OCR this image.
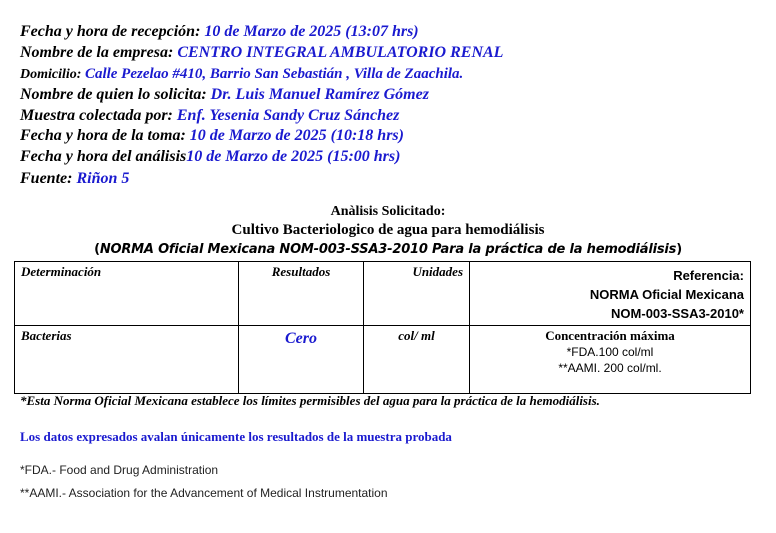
Fecha y hora de recepción: 10 de Marzo de 2025 (13:07 hrs)
Nombre de la empresa: CENTRO INTEGRAL AMBULATORIO RENAL
Domicilio: Calle Pezelao #410, Barrio San Sebastián , Villa de Zaachila.
Nombre de quien lo solicita: Dr. Luis Manuel Ramírez Gómez
Muestra colectada por: Enf. Yesenia Sandy Cruz Sánchez
Fecha y hora de la toma: 10 de Marzo de 2025 (10:18 hrs)
Fecha y hora del análisis10 de Marzo de 2025 (15:00 hrs)
Fuente: Riñon 5
Anàlisis Solicitado:
Cultivo Bacteriologico de agua para hemodiálisis
(NORMA Oficial Mexicana NOM-003-SSA3-2010 Para la práctica de la hemodiálisis)
Determinación	Resultados	Unidades	Referencia:
NORMA Oficial Mexicana
NOM-003-SSA3-2010*

Bacterias	Cero	col/ ml	Concentración máxima
*FDA.100 col/ml
**AAMI. 200 col/ml.
*Esta Norma Oficial Mexicana establece los límites permisibles del agua para la práctica de la hemodiálisis.
Los datos expresados avalan únicamente los resultados de la muestra probada
*FDA.- Food and Drug Administration
**AAMI.- Association for the Advancement of Medical Instrumentation
